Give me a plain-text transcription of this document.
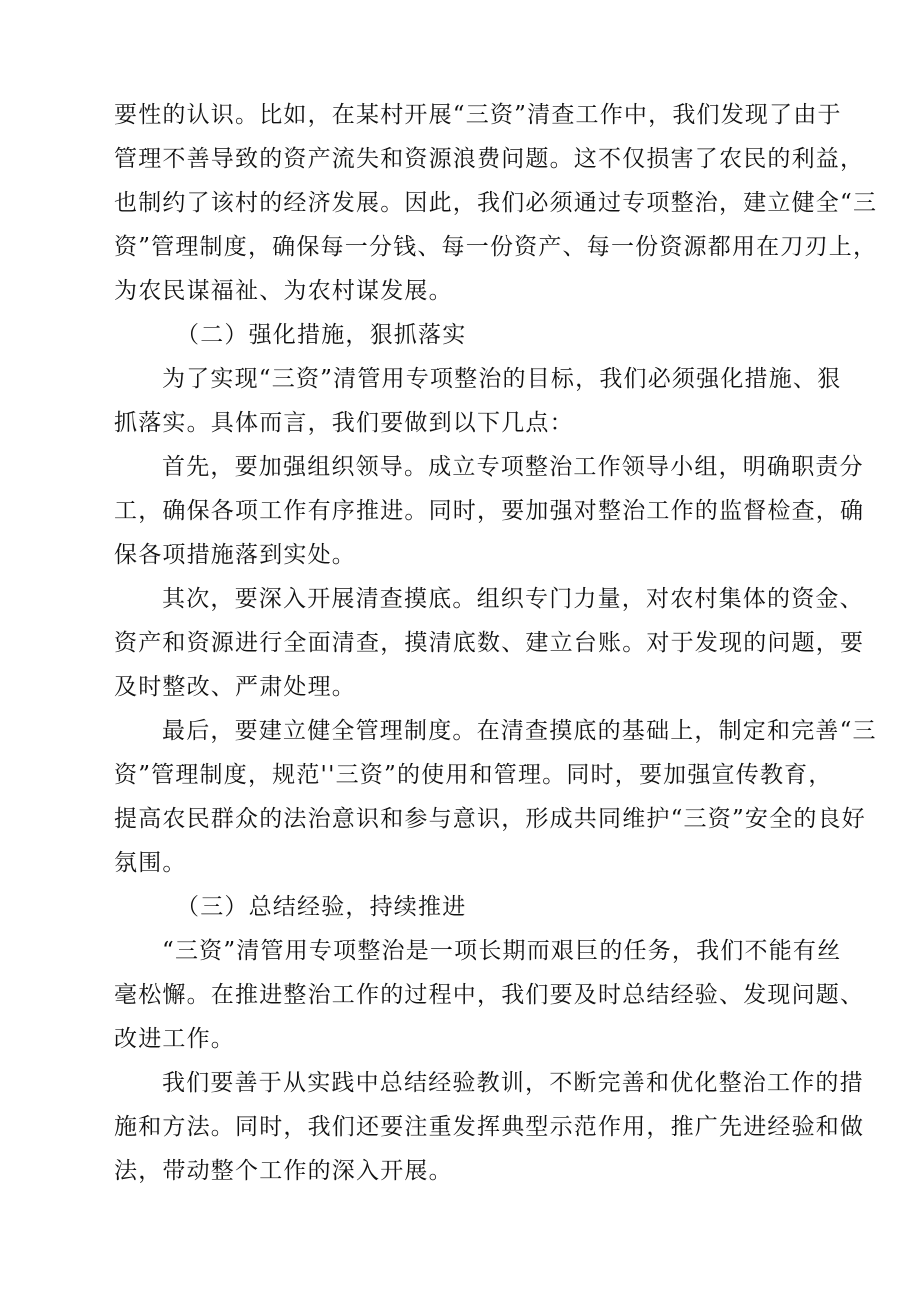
要性的认识。比如，在某村开展“三资”清查工作中，我们发现了由于
管理不善导致的资产流失和资源浪费问题。这不仅损害了农民的利益，
也制约了该村的经济发展。因此，我们必须通过专项整治，建立健全“三
资”管理制度，确保每一分钱、每一份资产、每一份资源都用在刀刃上，
为农民谋福祉、为农村谋发展。
（二）强化措施，狠抓落实
为了实现“三资”清管用专项整治的目标，我们必须强化措施、狠
抓落实。具体而言，我们要做到以下几点：
首先，要加强组织领导。成立专项整治工作领导小组，明确职责分
工，确保各项工作有序推进。同时，要加强对整治工作的监督检查，确
保各项措施落到实处。
其次，要深入开展清查摸底。组织专门力量，对农村集体的资金、
资产和资源进行全面清查，摸清底数、建立台账。对于发现的问题，要
及时整改、严肃处理。
最后，要建立健全管理制度。在清查摸底的基础上，制定和完善“三
资”管理制度，规范''三资”的使用和管理。同时，要加强宣传教育，
提高农民群众的法治意识和参与意识，形成共同维护“三资”安全的良好
氛围。
（三）总结经验，持续推进
“三资”清管用专项整治是一项长期而艰巨的任务，我们不能有丝
毫松懈。在推进整治工作的过程中，我们要及时总结经验、发现问题、
改进工作。
我们要善于从实践中总结经验教训，不断完善和优化整治工作的措
施和方法。同时，我们还要注重发挥典型示范作用，推广先进经验和做
法，带动整个工作的深入开展。
